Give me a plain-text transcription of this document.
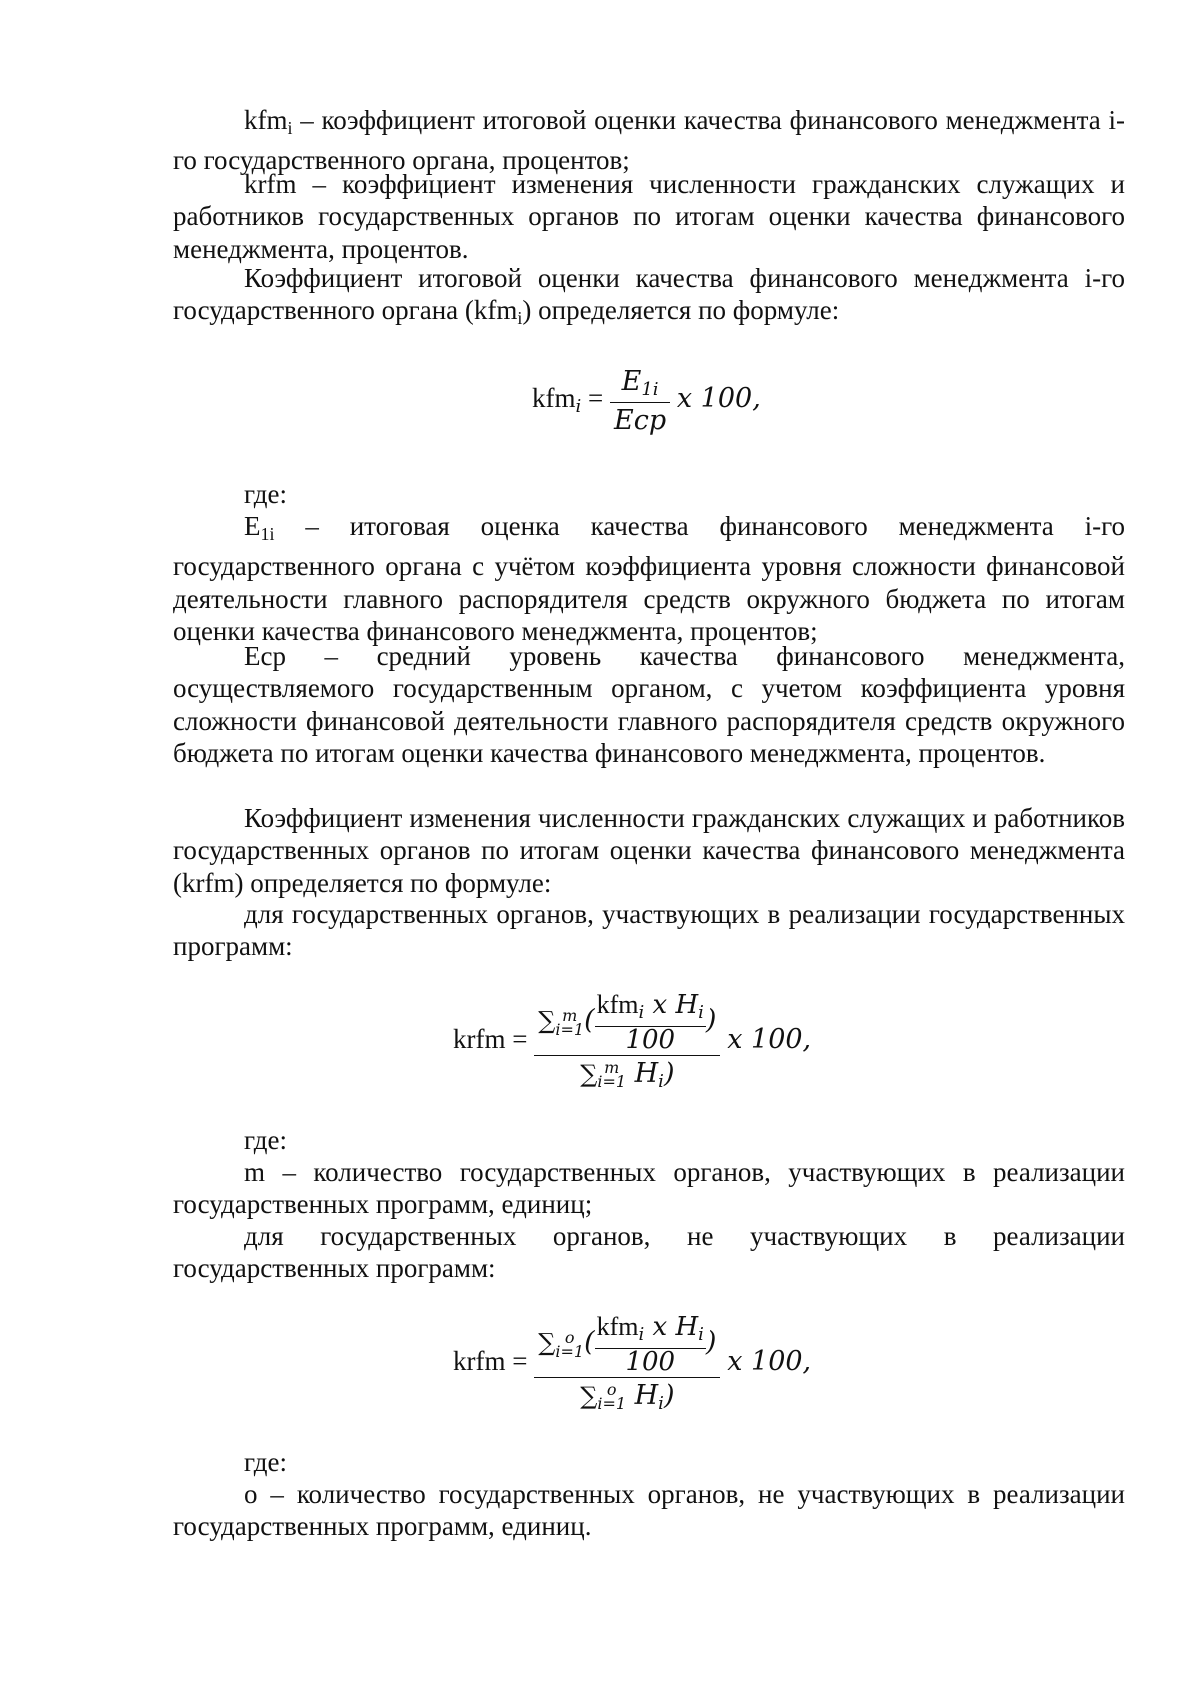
kfm$_i$ – коэффициент итоговой оценки качества финансового менеджмента i-го государственного органа, процентов;

krfm – коэффициент изменения численности гражданских служащих и работников государственных органов по итогам оценки качества финансового менеджмента, процентов.

Коэффициент итоговой оценки качества финансового менеджмента i-го государственного органа (kfm$_i$) определяется по формуле:

$kfm_i = \frac{E_{1i}}{\text{Ecp}}$ x 100,

где:

$E_{1i}$ – итоговая оценка качества финансового менеджмента i-го государственного органа с учётом коэффициента уровня сложности финансовой деятельности главного распорядителя средств окружного бюджета по итогам оценки качества финансового менеджмента, процентов;

Еср – средний уровень качества финансового менеджмента, осуществляемого государственным органом, с учетом коэффициента уровня сложности финансовой деятельности главного распорядителя средств окружного бюджета по итогам оценки качества финансового менеджмента, процентов.

Коэффициент изменения численности гражданских служащих и работников государственных органов по итогам оценки качества финансового менеджмента (krfm) определяется по формуле:

для государственных органов, участвующих в реализации государственных программ:

krfm = ∑ m
i=1 ( $\frac{kfm_i x H_i}{100}$ )
∑ m
i=1 $H_i$) x 100,

где:

m – количество государственных органов, участвующих в реализации государственных программ, единиц;

для государственных органов, не участвующих в реализации государственных программ:

krfm = ∑ o
i=1 ( $\frac{kfm_i x H_i}{100}$ )
∑ o
i=1 $H_i$) x 100,

где:

o – количество государственных органов, не участвующих в реализации государственных программ, единиц.
